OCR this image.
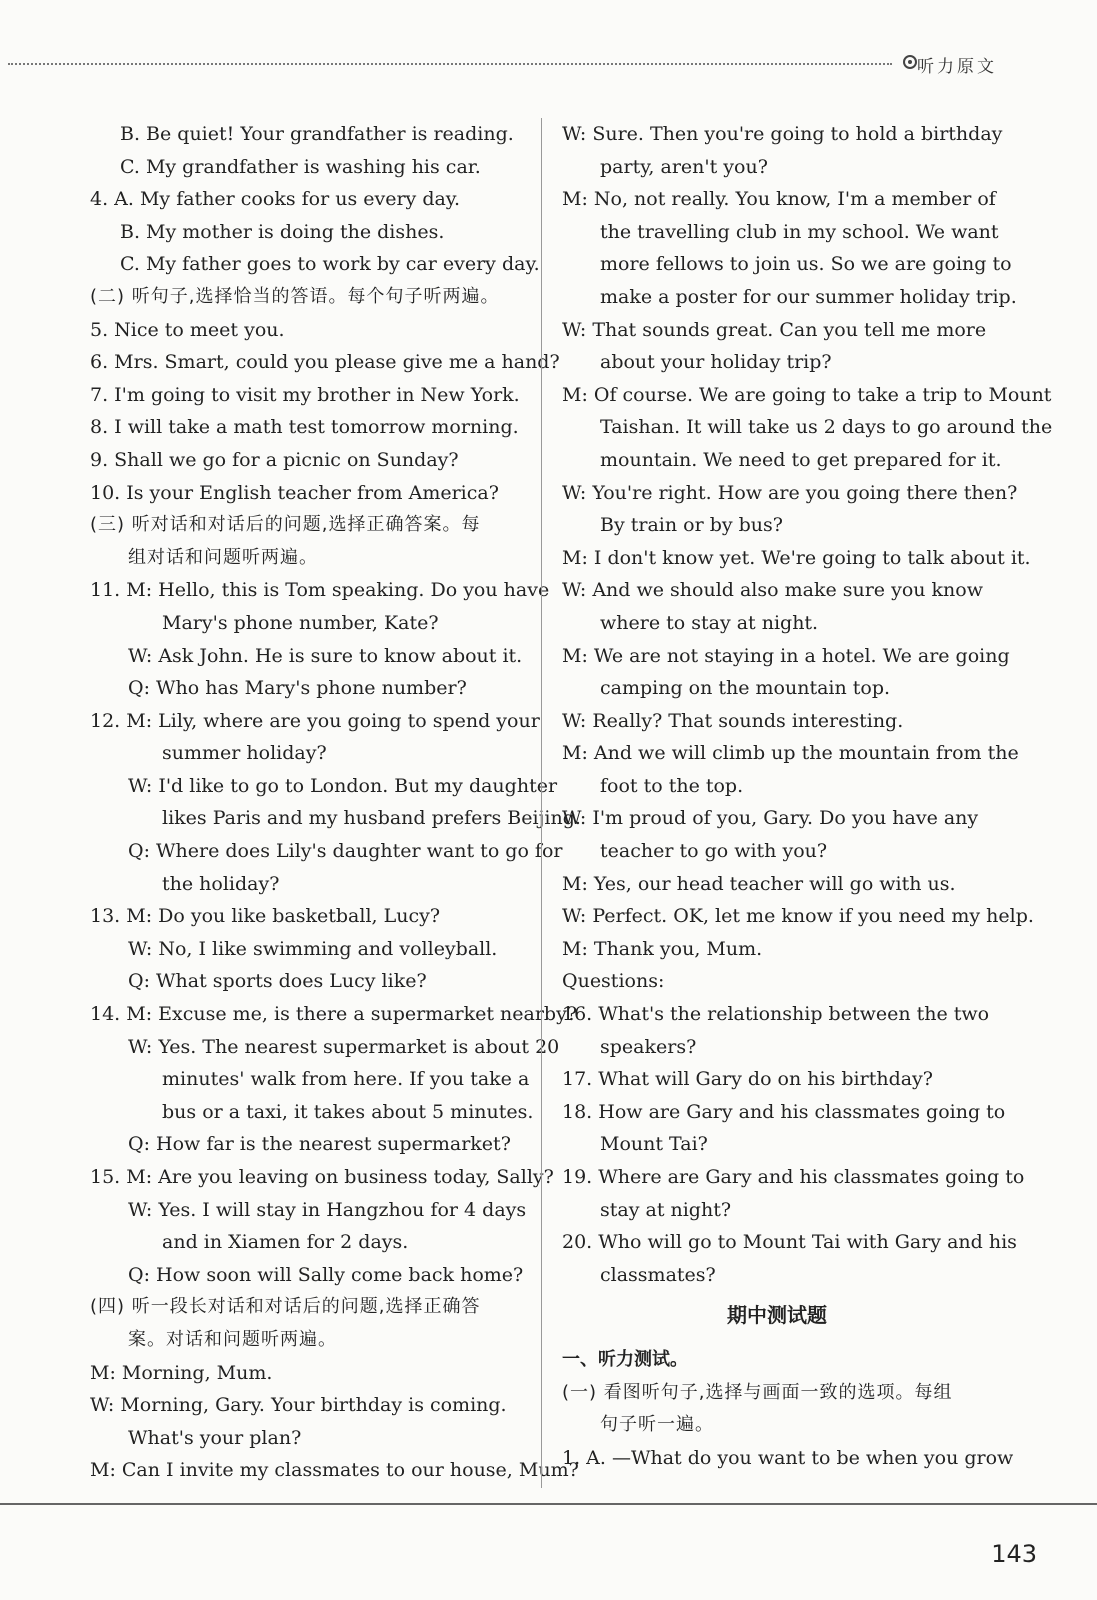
听力原文
B. Be quiet! Your grandfather is reading.
C. My grandfather is washing his car.
4. A. My father cooks for us every day.
B. My mother is doing the dishes.
C. My father goes to work by car every day.
(二) 听句子,选择恰当的答语。每个句子听两遍。
5. Nice to meet you.
6. Mrs. Smart, could you please give me a hand?
7. I'm going to visit my brother in New York.
8. I will take a math test tomorrow morning.
9. Shall we go for a picnic on Sunday?
10. Is your English teacher from America?
(三) 听对话和对话后的问题,选择正确答案。每
组对话和问题听两遍。
11. M: Hello, this is Tom speaking. Do you have
Mary's phone number, Kate?
W: Ask John. He is sure to know about it.
Q: Who has Mary's phone number?
12. M: Lily, where are you going to spend your
summer holiday?
W: I'd like to go to London. But my daughter
likes Paris and my husband prefers Beijing.
Q: Where does Lily's daughter want to go for
the holiday?
13. M: Do you like basketball, Lucy?
W: No, I like swimming and volleyball.
Q: What sports does Lucy like?
14. M: Excuse me, is there a supermarket nearby?
W: Yes. The nearest supermarket is about 20
minutes' walk from here. If you take a
bus or a taxi, it takes about 5 minutes.
Q: How far is the nearest supermarket?
15. M: Are you leaving on business today, Sally?
W: Yes. I will stay in Hangzhou for 4 days
and in Xiamen for 2 days.
Q: How soon will Sally come back home?
(四) 听一段长对话和对话后的问题,选择正确答
案。对话和问题听两遍。
M: Morning, Mum.
W: Morning, Gary. Your birthday is coming.
What's your plan?
M: Can I invite my classmates to our house, Mum?
W: Sure. Then you're going to hold a birthday
party, aren't you?
M: No, not really. You know, I'm a member of
the travelling club in my school. We want
more fellows to join us. So we are going to
make a poster for our summer holiday trip.
W: That sounds great. Can you tell me more
about your holiday trip?
M: Of course. We are going to take a trip to Mount
Taishan. It will take us 2 days to go around the
mountain. We need to get prepared for it.
W: You're right. How are you going there then?
By train or by bus?
M: I don't know yet. We're going to talk about it.
W: And we should also make sure you know
where to stay at night.
M: We are not staying in a hotel. We are going
camping on the mountain top.
W: Really? That sounds interesting.
M: And we will climb up the mountain from the
foot to the top.
W: I'm proud of you, Gary. Do you have any
teacher to go with you?
M: Yes, our head teacher will go with us.
W: Perfect. OK, let me know if you need my help.
M: Thank you, Mum.
Questions:
16. What's the relationship between the two
speakers?
17. What will Gary do on his birthday?
18. How are Gary and his classmates going to
Mount Tai?
19. Where are Gary and his classmates going to
stay at night?
20. Who will go to Mount Tai with Gary and his
classmates?
期中测试题
一、听力测试。
(一) 看图听句子,选择与画面一致的选项。每组
句子听一遍。
1. A. —What do you want to be when you grow
143
